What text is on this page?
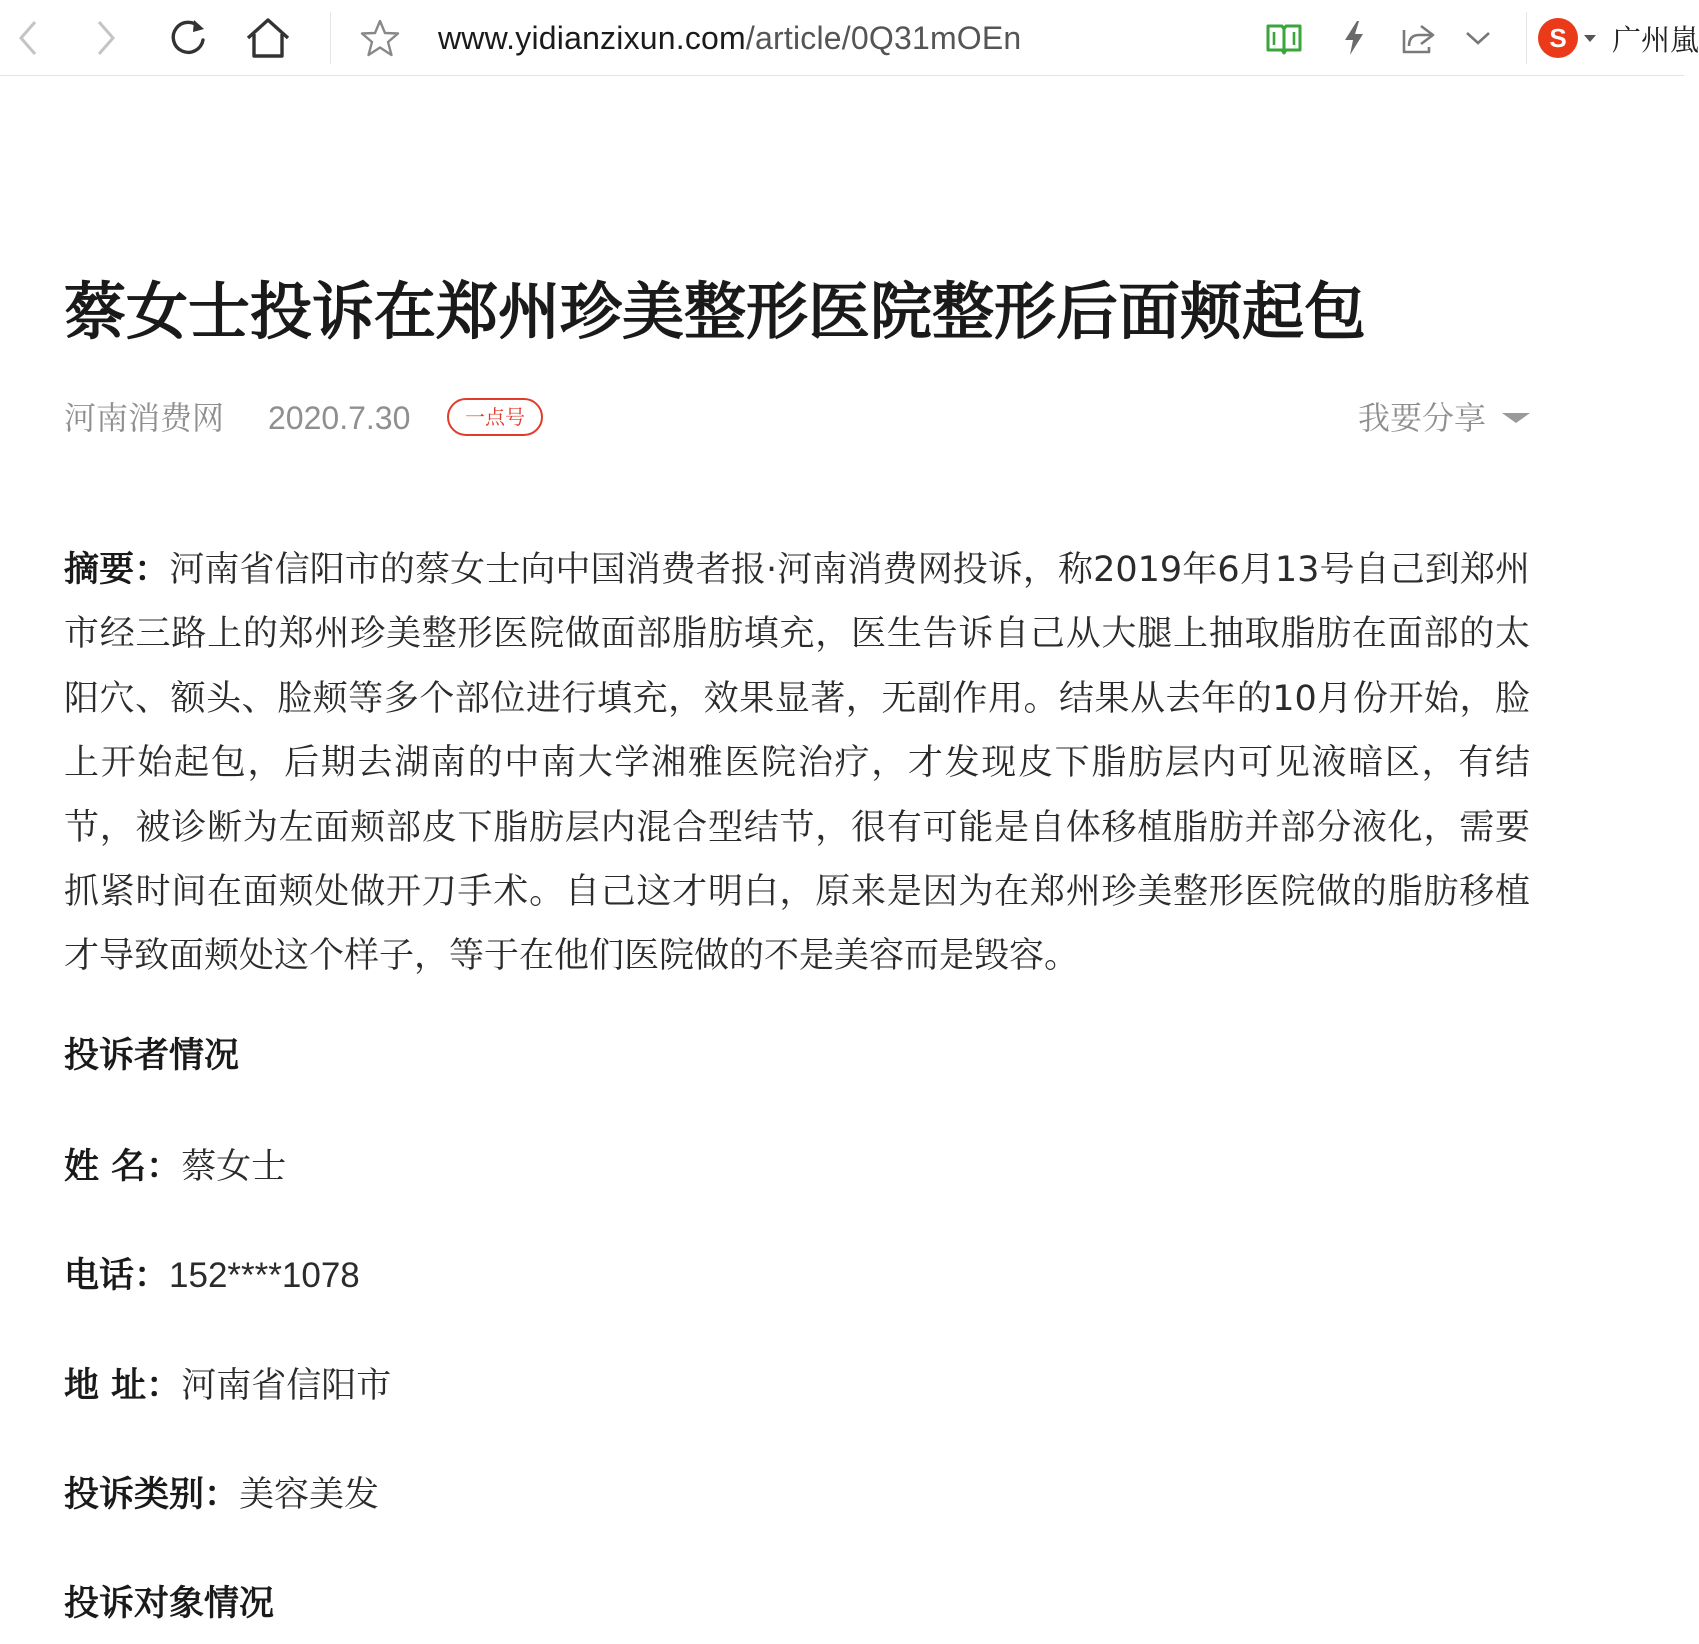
www.yidianzixun.com/article/0Q31mOEn	S	广州嵐
蔡女士投诉在郑州珍美整形医院整形后面颊起包
河南消费网 2020.7.30	一点号	我要分享

摘要：河南省信阳市的蔡女士向中国消费者报·河南消费网投诉，称2019年6月13号自己到郑州市经三路上的郑州珍美整形医院做面部脂肪填充，医生告诉自己从大腿上抽取脂肪在面部的太阳穴、额头、脸颊等多个部位进行填充，效果显著，无副作用。结果从去年的10月份开始，脸上开始起包，后期去湖南的中南大学湘雅医院治疗，才发现皮下脂肪层内可见液暗区，有结节，被诊断为左面颊部皮下脂肪层内混合型结节，很有可能是自体移植脂肪并部分液化，需要抓紧时间在面颊处做开刀手术。自己这才明白，原来是因为在郑州珍美整形医院做的脂肪移植才导致面颊处这个样子，等于在他们医院做的不是美容而是毁容。

投诉者情况
姓 名：蔡女士
电话：152****1078
地 址：河南省信阳市
投诉类别：美容美发
投诉对象情况
